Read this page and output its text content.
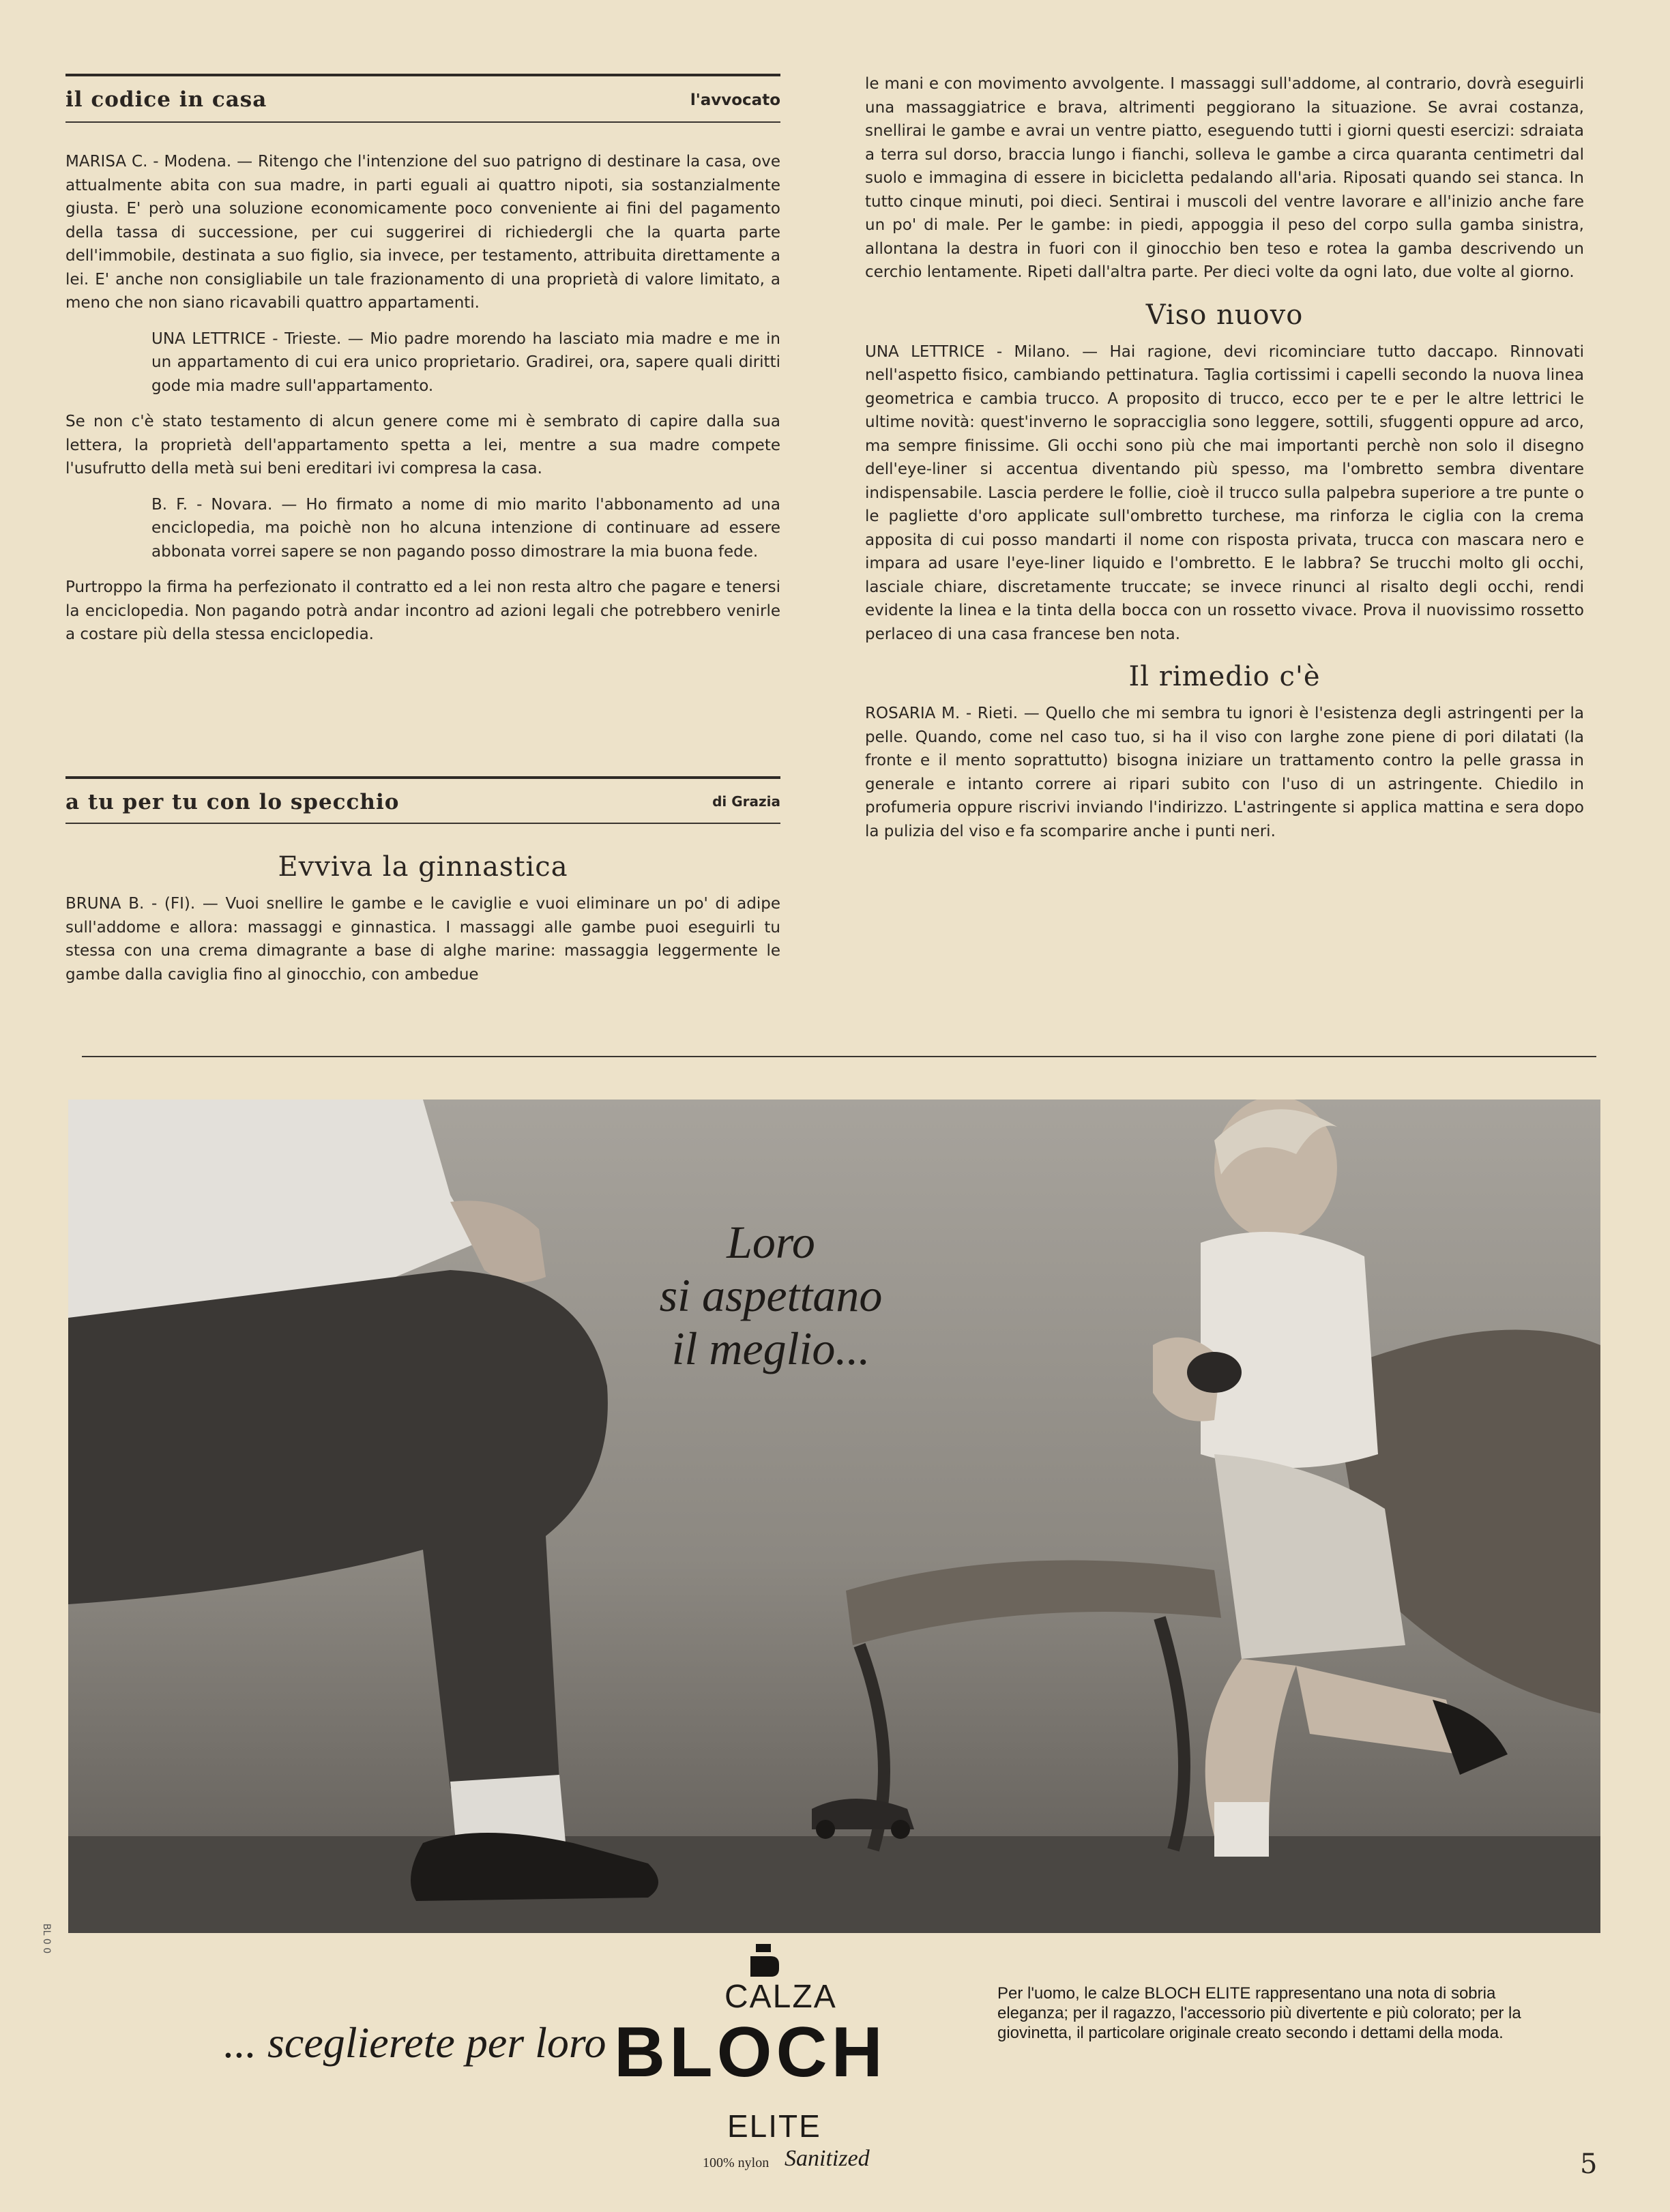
il codice in casa	l'avvocato

MARISA C. - Modena. — Ritengo che l'intenzione del suo patrigno di destinare la casa, ove attualmente abita con sua madre, in parti eguali ai quattro nipoti, sia sostanzialmente giusta. E' però una soluzione economicamente poco conveniente ai fini del pagamento della tassa di successione, per cui suggerirei di richiedergli che la quarta parte dell'immobile, destinata a suo figlio, sia invece, per testamento, attribuita direttamente a lei. E' anche non consigliabile un tale frazionamento di una proprietà di valore limitato, a meno che non siano ricavabili quattro appartamenti.

UNA LETTRICE - Trieste. — Mio padre morendo ha lasciato mia madre e me in un appartamento di cui era unico proprietario. Gradirei, ora, sapere quali diritti gode mia madre sull'appartamento.

Se non c'è stato testamento di alcun genere come mi è sembrato di capire dalla sua lettera, la proprietà dell'appartamento spetta a lei, mentre a sua madre compete l'usufrutto della metà sui beni ereditari ivi compresa la casa.

B. F. - Novara. — Ho firmato a nome di mio marito l'abbonamento ad una enciclopedia, ma poichè non ho alcuna intenzione di continuare ad essere abbonata vorrei sapere se non pagando posso dimostrare la mia buona fede.

Purtroppo la firma ha perfezionato il contratto ed a lei non resta altro che pagare e tenersi la enciclopedia. Non pagando potrà andar incontro ad azioni legali che potrebbero venirle a costare più della stessa enciclopedia.

a tu per tu con lo specchio	di Grazia
Evviva la ginnastica

BRUNA B. - (FI). — Vuoi snellire le gambe e le caviglie e vuoi eliminare un po' di adipe sull'addome e allora: massaggi e ginnastica. I massaggi alle gambe puoi eseguirli tu stessa con una crema dimagrante a base di alghe marine: massaggia leggermente le gambe dalla caviglia fino al ginocchio, con ambedue

le mani e con movimento avvolgente. I massaggi sull'addome, al contrario, dovrà eseguirli una massaggiatrice e brava, altrimenti peggiorano la situazione. Se avrai costanza, snellirai le gambe e avrai un ventre piatto, eseguendo tutti i giorni questi esercizi: sdraiata a terra sul dorso, braccia lungo i fianchi, solleva le gambe a circa quaranta centimetri dal suolo e immagina di essere in bicicletta pedalando all'aria. Riposati quando sei stanca. In tutto cinque minuti, poi dieci. Sentirai i muscoli del ventre lavorare e all'inizio anche fare un po' di male. Per le gambe: in piedi, appoggia il peso del corpo sulla gamba sinistra, allontana la destra in fuori con il ginocchio ben teso e rotea la gamba descrivendo un cerchio lentamente. Ripeti dall'altra parte. Per dieci volte da ogni lato, due volte al giorno.

Viso nuovo

UNA LETTRICE - Milano. — Hai ragione, devi ricominciare tutto daccapo. Rinnovati nell'aspetto fisico, cambiando pettinatura. Taglia cortissimi i capelli secondo la nuova linea geometrica e cambia trucco. A proposito di trucco, ecco per te e per le altre lettrici le ultime novità: quest'inverno le sopracciglia sono leggere, sottili, sfuggenti oppure ad arco, ma sempre finissime. Gli occhi sono più che mai importanti perchè non solo il disegno dell'eye-liner si accentua diventando più spesso, ma l'ombretto sembra diventare indispensabile. Lascia perdere le follie, cioè il trucco sulla palpebra superiore a tre punte o le pagliette d'oro applicate sull'ombretto turchese, ma rinforza le ciglia con la crema apposita di cui posso mandarti il nome con risposta privata, trucca con mascara nero e impara ad usare l'eye-liner liquido e l'ombretto. E le labbra? Se trucchi molto gli occhi, lasciale chiare, discretamente truccate; se invece rinunci al risalto degli occhi, rendi evidente la linea e la tinta della bocca con un rossetto vivace. Prova il nuovissimo rossetto perlaceo di una casa francese ben nota.

Il rimedio c'è

ROSARIA M. - Rieti. — Quello che mi sembra tu ignori è l'esistenza degli astringenti per la pelle. Quando, come nel caso tuo, si ha il viso con larghe zone piene di pori dilatati (la fronte e il mento soprattutto) bisogna iniziare un trattamento contro la pelle grassa in generale e intanto correre ai ripari subito con l'uso di un astringente. Chiedilo in profumeria oppure riscrivi inviando l'indirizzo. L'astringente si applica mattina e sera dopo la pulizia del viso e fa scomparire anche i punti neri.

Loro
si aspettano
il meglio...
BL 0 0
CALZA
BLOCH
ELITE
100% nylon Sanitized
... sceglierete per loro
Per l'uomo, le calze BLOCH ELITE rappresentano una nota di sobria eleganza; per il ragazzo, l'accessorio più divertente e più colorato; per la giovinetta, il particolare originale creato secondo i dettami della moda.
5
